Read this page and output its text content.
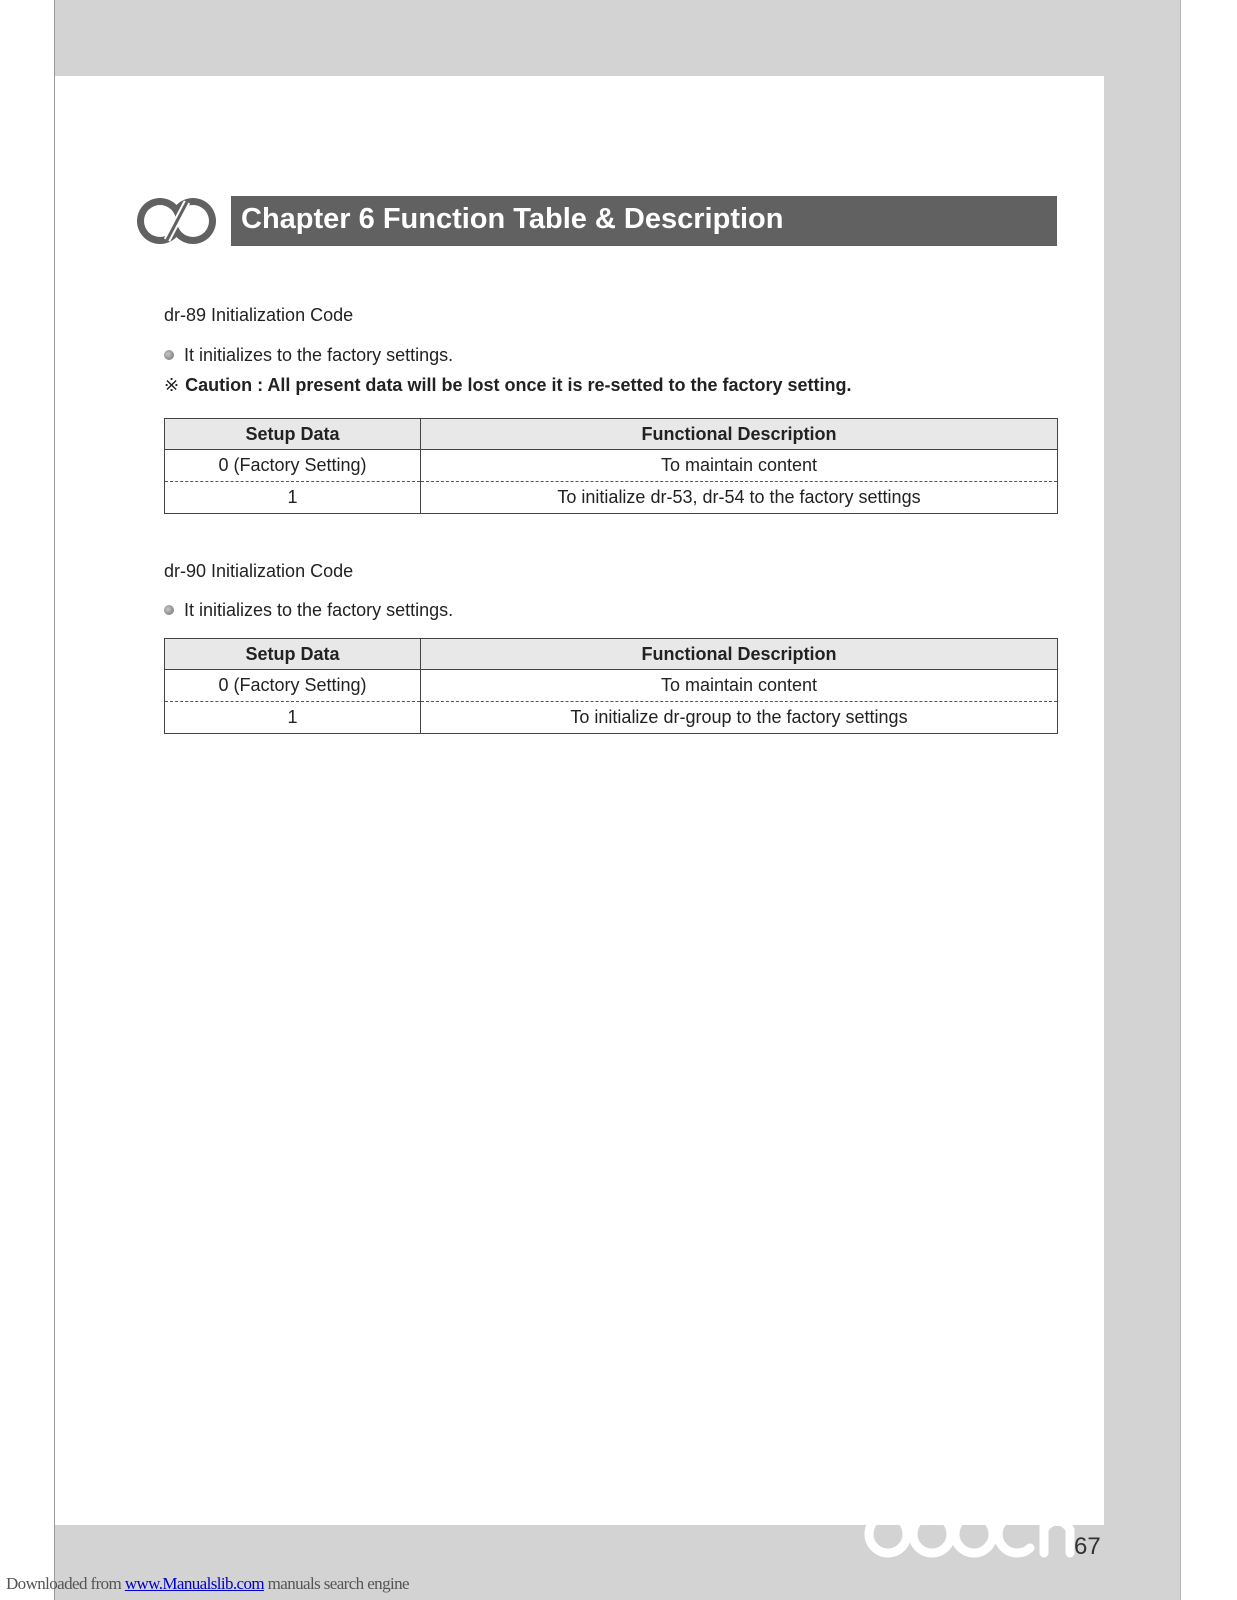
Chapter 6 Function Table & Description
dr-89 Initialization Code
It initializes to the factory settings.
※ Caution : All present data will be lost once it is re-setted to the factory setting.
Setup Data	Functional Description
0 (Factory Setting)	To maintain content
1	To initialize dr-53, dr-54 to the factory settings
dr-90 Initialization Code
It initializes to the factory settings.
Setup Data	Functional Description
0 (Factory Setting)	To maintain content
1	To initialize dr-group to the factory settings
67
Downloaded from www.Manualslib.com manuals search engine
